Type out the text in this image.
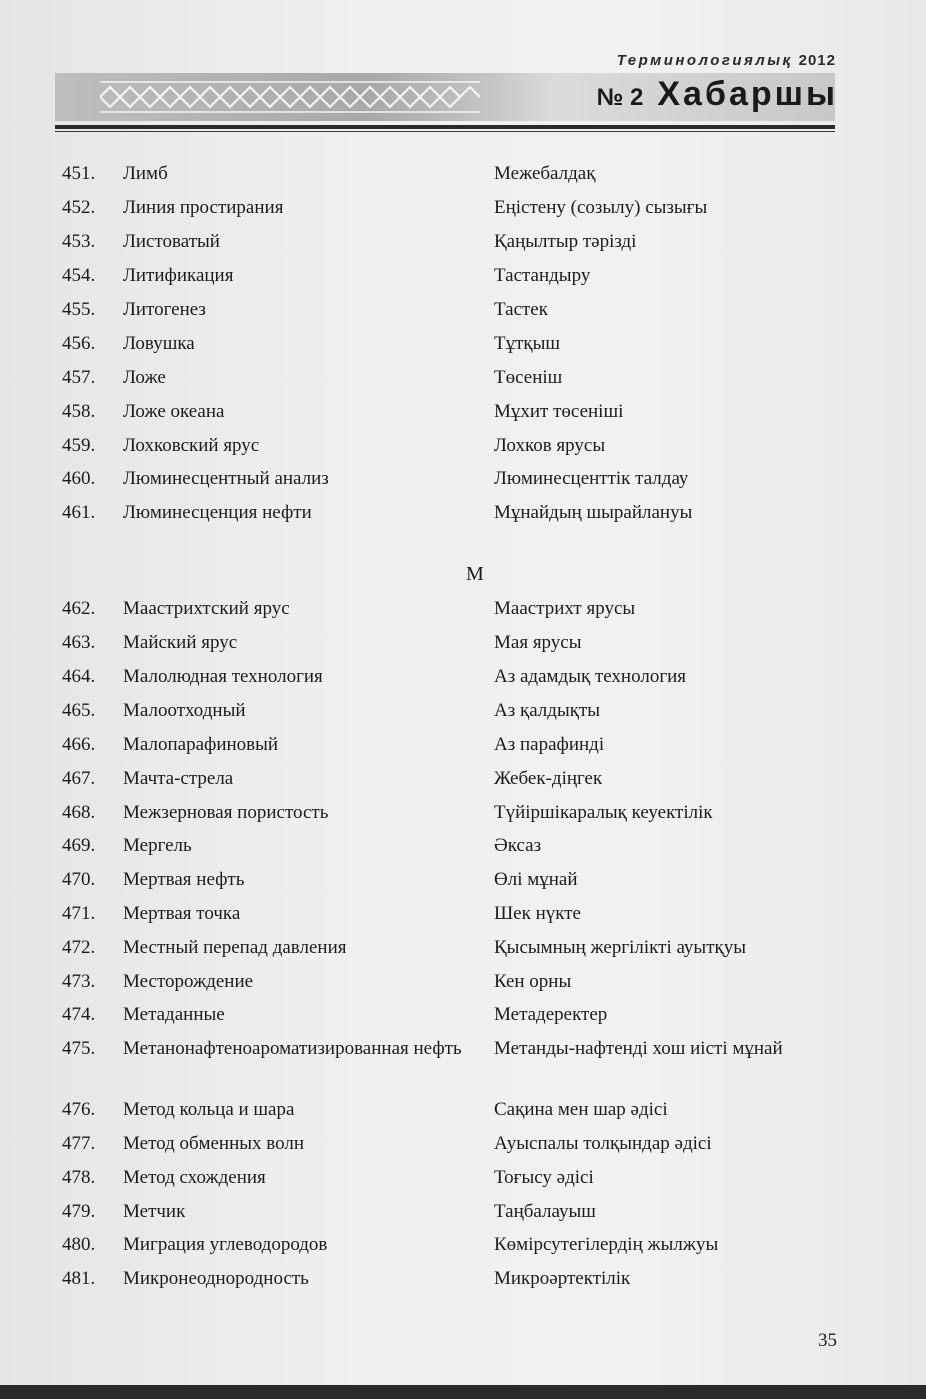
Терминологиялық 2012
№ 2 Хабаршы
451. Лимб	Межебалдақ
452. Линия простирания	Еңістену (созылу) сызығы
453. Листоватый	Қаңылтыр тәрізді
454. Литификация	Тастандыру
455. Литогенез	Тастек
456. Ловушка	Тұтқыш
457. Ложе	Төсеніш
458. Ложе океана	Мұхит төсеніші
459. Лохковский ярус	Лохков ярусы
460. Люминесцентный анализ	Люминесценттік талдау
461. Люминесценция нефти	Мұнайдың шырайлануы
М
462. Маастрихтский ярус	Маастрихт ярусы
463. Майский ярус	Мая ярусы
464. Малолюдная технология	Аз адамдық технология
465. Малоотходный	Аз қалдықты
466. Малопарафиновый	Аз парафинді
467. Мачта-стрела	Жебек-діңгек
468. Межзерновая пористость	Түйіршікаралық кеуектілік
469. Мергель	Әксаз
470. Мертвая нефть	Өлі мұнай
471. Мертвая точка	Шек нүкте
472. Местный перепад давления	Қысымның жергілікті ауытқуы
473. Месторождение	Кен орны
474. Метаданные	Метадеректер
475. Метанонафтеноароматизированная нефть	Метанды-нафтенді хош иісті мұнай
476. Метод кольца и шара	Сақина мен шар әдісі
477. Метод обменных волн	Ауыспалы толқындар әдісі
478. Метод схождения	Тоғысу әдісі
479. Метчик	Таңбалауыш
480. Миграция углеводородов	Көмірсутегілердің жылжуы
481. Микронеоднородность	Микроәртектілік
35
